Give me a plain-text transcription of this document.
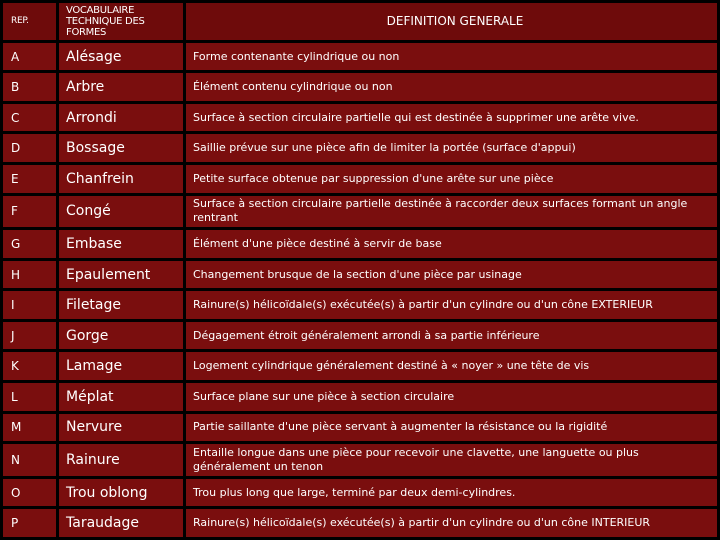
REP.	VOCABULAIRE TECHNIQUE DES FORMES	DEFINITION GENERALE
A	Alésage	Forme contenante cylindrique ou non
B	Arbre	Élément contenu cylindrique ou non
C	Arrondi	Surface à section circulaire partielle qui est destinée à supprimer une arête vive.
D	Bossage	Saillie prévue sur une pièce afin de limiter la portée (surface d'appui)
E	Chanfrein	Petite surface obtenue par suppression d'une arête sur une pièce
F	Congé	Surface à section circulaire partielle destinée à raccorder deux surfaces formant un angle rentrant
G	Embase	Élément d'une pièce destiné à servir de base
H	Epaulement	Changement brusque de la section d'une pièce par usinage
I	Filetage	Rainure(s) hélicoïdale(s) exécutée(s) à partir d'un cylindre ou d'un cône EXTERIEUR
J	Gorge	Dégagement étroit généralement arrondi à sa partie inférieure
K	Lamage	Logement cylindrique généralement destiné à « noyer » une tête de vis
L	Méplat	Surface plane sur une pièce à section circulaire
M	Nervure	Partie saillante d'une pièce servant à augmenter la résistance ou la rigidité
N	Rainure	Entaille longue dans une pièce pour recevoir une clavette, une languette ou plus généralement un tenon
O	Trou oblong	Trou plus long que large, terminé par deux demi-cylindres.
P	Taraudage	Rainure(s) hélicoïdale(s) exécutée(s) à partir d'un cylindre ou d'un cône INTERIEUR
